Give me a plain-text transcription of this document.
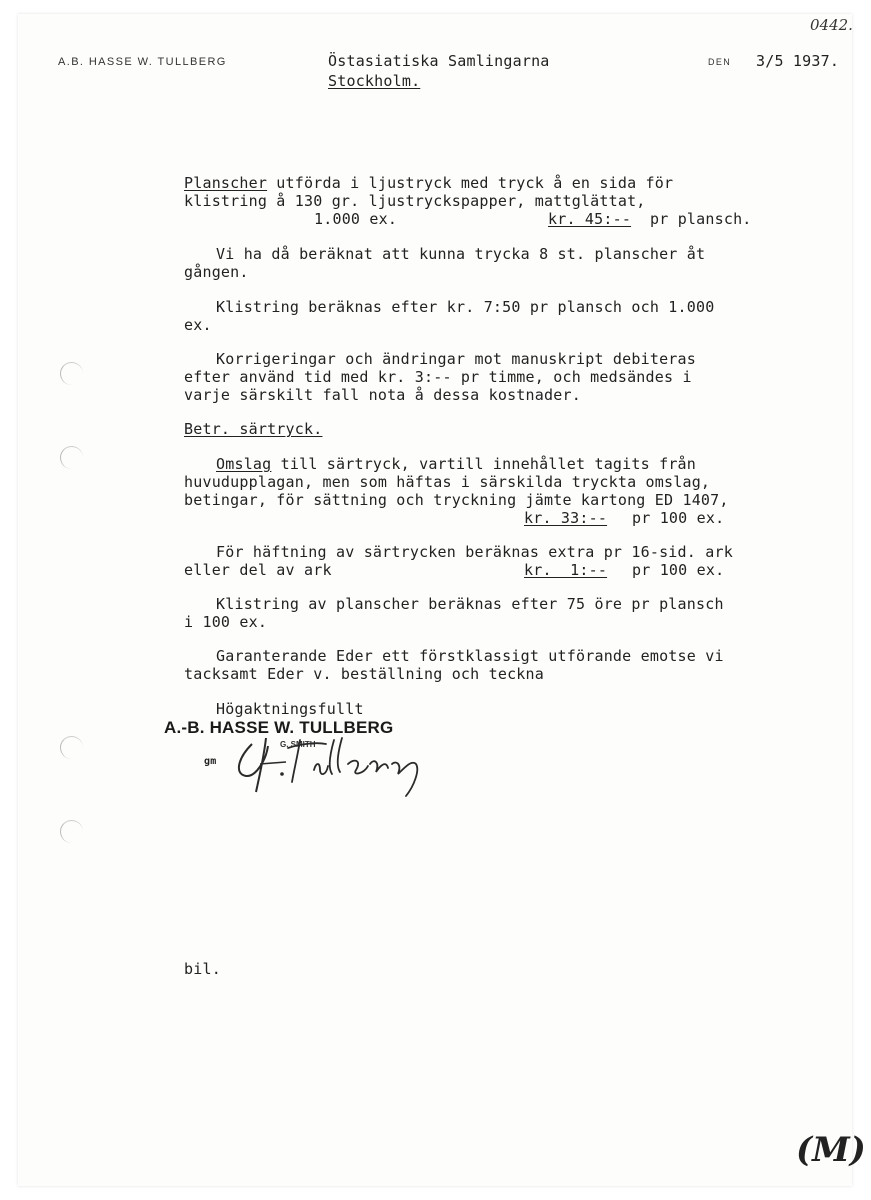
0442.
A.B. HASSE W. TULLBERG	Östasiatiska Samlingarna
Stockholm.
DEN 3/5 1937.
Planscher utförda i ljustryck med tryck å en sida för
klistring å 130 gr. ljustryckspapper, mattglättat,
1.000 ex.	kr. 45:-- pr plansch.
Vi ha då beräknat att kunna trycka 8 st. planscher åt
gången.
Klistring beräknas efter kr. 7:50 pr plansch och 1.000
ex.
Korrigeringar och ändringar mot manuskript debiteras
efter använd tid med kr. 3:-- pr timme, och medsändes i
varje särskilt fall nota å dessa kostnader.
Betr. särtryck.
Omslag till särtryck, vartill innehållet tagits från
huvudupplagan, men som häftas i särskilda tryckta omslag,
betingar, för sättning och tryckning jämte kartong ED 1407,
kr. 33:-- pr 100 ex.
För häftning av särtrycken beräknas extra pr 16-sid. ark
eller del av ark	kr.  1:-- pr 100 ex.
Klistring av planscher beräknas efter 75 öre pr plansch
i 100 ex.
Garanterande Eder ett förstklassigt utförande emotse vi
tacksamt Eder v. beställning och teckna
Högaktningsfullt
A.-B. HASSE W. TULLBERG
G. SMITH
gm
bil.
(M)
